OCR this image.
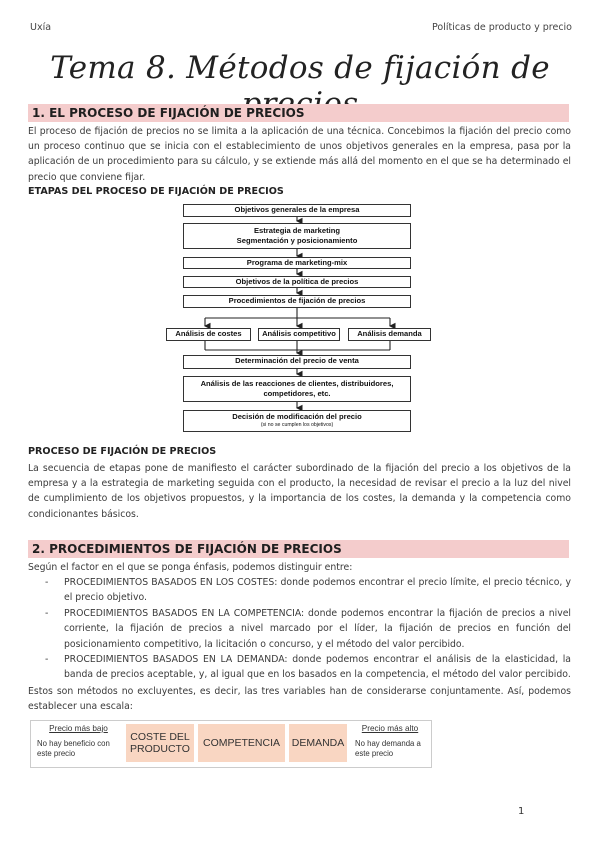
Uxía	Políticas de producto y precio
Tema 8. Métodos de fijación de
1. EL PROCESO DE FIJACIÓN DE PRECIOS
El proceso de fijación de precios no se limita a la aplicación de una técnica. Concebimos la fijación del precio como un proceso continuo que se inicia con el establecimiento de unos objetivos generales en la empresa, pasa por la aplicación de un procedimiento para su cálculo, y se extiende más allá del momento en el que se ha determinado el precio que conviene fijar.
ETAPAS DEL PROCESO DE FIJACIÓN DE PRECIOS
Objetivos generales de la empresa
Estrategia de marketing
Segmentación y posicionamiento
Programa de marketing-mix
Objetivos de la política de precios
Procedimientos de fijación de precios
Análisis de costes	Análisis competitivo	Análisis demanda
Determinación del precio de venta
Análisis de las reacciones de clientes, distribuidores,
competidores, etc.
Decisión de modificación del precio
(si no se cumplen los objetivos)
PROCESO DE FIJACIÓN DE PRECIOS
La secuencia de etapas pone de manifiesto el carácter subordinado de la fijación del precio a los objetivos de la empresa y a la estrategia de marketing seguida con el producto, la necesidad de revisar el precio a la luz del nivel de cumplimiento de los objetivos propuestos, y la importancia de los costes, la demanda y la competencia como condicionantes básicos.
2. PROCEDIMIENTOS DE FIJACIÓN DE PRECIOS
Según el factor en el que se ponga énfasis, podemos distinguir entre:
- PROCEDIMIENTOS BASADOS EN LOS COSTES: donde podemos encontrar el precio límite, el precio técnico, y el precio objetivo.
- PROCEDIMIENTOS BASADOS EN LA COMPETENCIA: donde podemos encontrar la fijación de precios a nivel corriente, la fijación de precios a nivel marcado por el líder, la fijación de precios en función del posicionamiento competitivo, la licitación o concurso, y el método del valor percibido.
- PROCEDIMIENTOS BASADOS EN LA DEMANDA: donde podemos encontrar el análisis de la elasticidad, la banda de precios aceptable, y, al igual que en los basados en la competencia, el método del valor percibido.
Estos son métodos no excluyentes, es decir, las tres variables han de considerarse conjuntamente. Así, podemos establecer una escala:
Precio más bajo
No hay beneficio con este precio
COSTE DEL PRODUCTO	COMPETENCIA	DEMANDA
Precio más alto
No hay demanda a este precio
1
